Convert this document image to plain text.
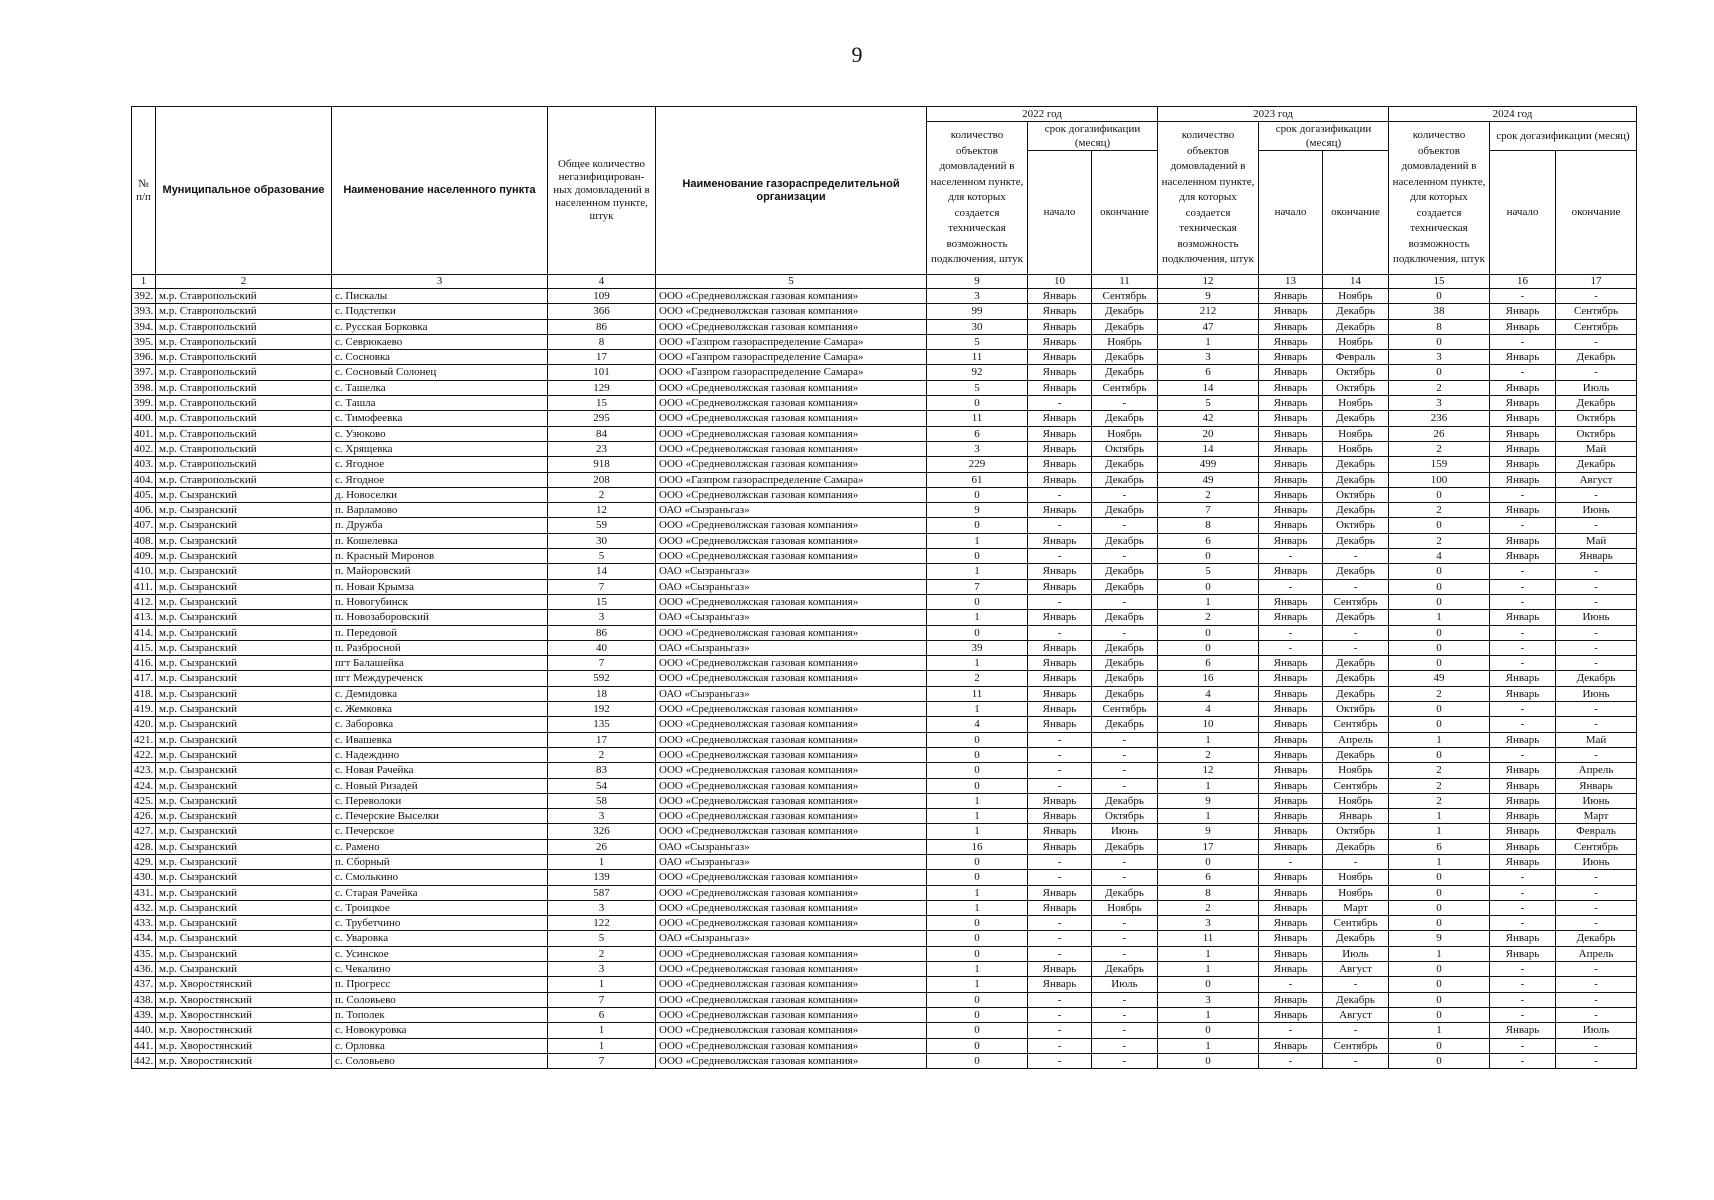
9
№
п/п	Муниципальное образование	Наименование населенного пункта	Общее количество негазифицирован-ных домовладений в населенном пункте, штук	Наименование газораспределительной организации	2022 год			2023 год			2024 год		
					количество объектов домовладений в населенном пункте, для которых создается техническая возможность подключения, штук	срок догазификации (месяц)		количество объектов домовладений в населенном пункте, для которых создается техническая возможность подключения, штук	срок догазификации (месяц)		количество объектов домовладений в населенном пункте, для которых создается техническая возможность подключения, штук	срок догазификации (месяц)	
						начало	окончание		начало	окончание		начало	окончание
1	2	3	4	5	9	10	11	12	13	14	15	16	17
392.	м.р. Ставропольский	с. Пискалы	109	ООО «Средневолжская газовая компания»	3	Январь	Сентябрь	9	Январь	Ноябрь	0	-	-
393.	м.р. Ставропольский	с. Подстепки	366	ООО «Средневолжская газовая компания»	99	Январь	Декабрь	212	Январь	Декабрь	38	Январь	Сентябрь
394.	м.р. Ставропольский	с. Русская Борковка	86	ООО «Средневолжская газовая компания»	30	Январь	Декабрь	47	Январь	Декабрь	8	Январь	Сентябрь
395.	м.р. Ставропольский	с. Севрюкаево	8	ООО «Газпром газораспределение Самара»	5	Январь	Ноябрь	1	Январь	Ноябрь	0	-	-
396.	м.р. Ставропольский	с. Сосновка	17	ООО «Газпром газораспределение Самара»	11	Январь	Декабрь	3	Январь	Февраль	3	Январь	Декабрь
397.	м.р. Ставропольский	с. Сосновый Солонец	101	ООО «Газпром газораспределение Самара»	92	Январь	Декабрь	6	Январь	Октябрь	0	-	-
398.	м.р. Ставропольский	с. Ташелка	129	ООО «Средневолжская газовая компания»	5	Январь	Сентябрь	14	Январь	Октябрь	2	Январь	Июль
399.	м.р. Ставропольский	с. Ташла	15	ООО «Средневолжская газовая компания»	0	-	-	5	Январь	Ноябрь	3	Январь	Декабрь
400.	м.р. Ставропольский	с. Тимофеевка	295	ООО «Средневолжская газовая компания»	11	Январь	Декабрь	42	Январь	Декабрь	236	Январь	Октябрь
401.	м.р. Ставропольский	с. Узюково	84	ООО «Средневолжская газовая компания»	6	Январь	Ноябрь	20	Январь	Ноябрь	26	Январь	Октябрь
402.	м.р. Ставропольский	с. Хрящевка	23	ООО «Средневолжская газовая компания»	3	Январь	Октябрь	14	Январь	Ноябрь	2	Январь	Май
403.	м.р. Ставропольский	с. Ягодное	918	ООО «Средневолжская газовая компания»	229	Январь	Декабрь	499	Январь	Декабрь	159	Январь	Декабрь
404.	м.р. Ставропольский	с. Ягодное	208	ООО «Газпром газораспределение Самара»	61	Январь	Декабрь	49	Январь	Декабрь	100	Январь	Август
405.	м.р. Сызранский	д. Новоселки	2	ООО «Средневолжская газовая компания»	0	-	-	2	Январь	Октябрь	0	-	-
406.	м.р. Сызранский	п. Варламово	12	ОАО «Сызраньгаз»	9	Январь	Декабрь	7	Январь	Декабрь	2	Январь	Июнь
407.	м.р. Сызранский	п. Дружба	59	ООО «Средневолжская газовая компания»	0	-	-	8	Январь	Октябрь	0	-	-
408.	м.р. Сызранский	п. Кошелевка	30	ООО «Средневолжская газовая компания»	1	Январь	Декабрь	6	Январь	Декабрь	2	Январь	Май
409.	м.р. Сызранский	п. Красный Миронов	5	ООО «Средневолжская газовая компания»	0	-	-	0	-	-	4	Январь	Январь
410.	м.р. Сызранский	п. Майоровский	14	ОАО «Сызраньгаз»	1	Январь	Декабрь	5	Январь	Декабрь	0	-	-
411.	м.р. Сызранский	п. Новая Крымза	7	ОАО «Сызраньгаз»	7	Январь	Декабрь	0	-	-	0	-	-
412.	м.р. Сызранский	п. Новогубинск	15	ООО «Средневолжская газовая компания»	0	-	-	1	Январь	Сентябрь	0	-	-
413.	м.р. Сызранский	п. Новозаборовский	3	ОАО «Сызраньгаз»	1	Январь	Декабрь	2	Январь	Декабрь	1	Январь	Июнь
414.	м.р. Сызранский	п. Передовой	86	ООО «Средневолжская газовая компания»	0	-	-	0	-	-	0	-	-
415.	м.р. Сызранский	п. Разбросной	40	ОАО «Сызраньгаз»	39	Январь	Декабрь	0	-	-	0	-	-
416.	м.р. Сызранский	пгт Балашейка	7	ООО «Средневолжская газовая компания»	1	Январь	Декабрь	6	Январь	Декабрь	0	-	-
417.	м.р. Сызранский	пгт Междуреченск	592	ООО «Средневолжская газовая компания»	2	Январь	Декабрь	16	Январь	Декабрь	49	Январь	Декабрь
418.	м.р. Сызранский	с. Демидовка	18	ОАО «Сызраньгаз»	11	Январь	Декабрь	4	Январь	Декабрь	2	Январь	Июнь
419.	м.р. Сызранский	с. Жемковка	192	ООО «Средневолжская газовая компания»	1	Январь	Сентябрь	4	Январь	Октябрь	0	-	-
420.	м.р. Сызранский	с. Заборовка	135	ООО «Средневолжская газовая компания»	4	Январь	Декабрь	10	Январь	Сентябрь	0	-	-
421.	м.р. Сызранский	с. Ивашевка	17	ООО «Средневолжская газовая компания»	0	-	-	1	Январь	Апрель	1	Январь	Май
422.	м.р. Сызранский	с. Надеждино	2	ООО «Средневолжская газовая компания»	0	-	-	2	Январь	Декабрь	0	-	-
423.	м.р. Сызранский	с. Новая Рачейка	83	ООО «Средневолжская газовая компания»	0	-	-	12	Январь	Ноябрь	2	Январь	Апрель
424.	м.р. Сызранский	с. Новый Ризадей	54	ООО «Средневолжская газовая компания»	0	-	-	1	Январь	Сентябрь	2	Январь	Январь
425.	м.р. Сызранский	с. Переволоки	58	ООО «Средневолжская газовая компания»	1	Январь	Декабрь	9	Январь	Ноябрь	2	Январь	Июнь
426.	м.р. Сызранский	с. Печерские Выселки	3	ООО «Средневолжская газовая компания»	1	Январь	Октябрь	1	Январь	Январь	1	Январь	Март
427.	м.р. Сызранский	с. Печерское	326	ООО «Средневолжская газовая компания»	1	Январь	Июнь	9	Январь	Октябрь	1	Январь	Февраль
428.	м.р. Сызранский	с. Рамено	26	ОАО «Сызраньгаз»	16	Январь	Декабрь	17	Январь	Декабрь	6	Январь	Сентябрь
429.	м.р. Сызранский	п. Сборный	1	ОАО «Сызраньгаз»	0	-	-	0	-	-	1	Январь	Июнь
430.	м.р. Сызранский	с. Смолькино	139	ООО «Средневолжская газовая компания»	0	-	-	6	Январь	Ноябрь	0	-	-
431.	м.р. Сызранский	с. Старая Рачейка	587	ООО «Средневолжская газовая компания»	1	Январь	Декабрь	8	Январь	Ноябрь	0	-	-
432.	м.р. Сызранский	с. Троицкое	3	ООО «Средневолжская газовая компания»	1	Январь	Ноябрь	2	Январь	Март	0	-	-
433.	м.р. Сызранский	с. Трубетчино	122	ООО «Средневолжская газовая компания»	0	-	-	3	Январь	Сентябрь	0	-	-
434.	м.р. Сызранский	с. Уваровка	5	ОАО «Сызраньгаз»	0	-	-	11	Январь	Декабрь	9	Январь	Декабрь
435.	м.р. Сызранский	с. Усинское	2	ООО «Средневолжская газовая компания»	0	-	-	1	Январь	Июль	1	Январь	Апрель
436.	м.р. Сызранский	с. Чекалино	3	ООО «Средневолжская газовая компания»	1	Январь	Декабрь	1	Январь	Август	0	-	-
437.	м.р. Хворостянский	п. Прогресс	1	ООО «Средневолжская газовая компания»	1	Январь	Июль	0	-	-	0	-	-
438.	м.р. Хворостянский	п. Соловьево	7	ООО «Средневолжская газовая компания»	0	-	-	3	Январь	Декабрь	0	-	-
439.	м.р. Хворостянский	п. Тополек	6	ООО «Средневолжская газовая компания»	0	-	-	1	Январь	Август	0	-	-
440.	м.р. Хворостянский	с. Новокуровка	1	ООО «Средневолжская газовая компания»	0	-	-	0	-	-	1	Январь	Июль
441.	м.р. Хворостянский	с. Орловка	1	ООО «Средневолжская газовая компания»	0	-	-	1	Январь	Сентябрь	0	-	-
442.	м.р. Хворостянский	с. Соловьево	7	ООО «Средневолжская газовая компания»	0	-	-	0	-	-	0	-	-
